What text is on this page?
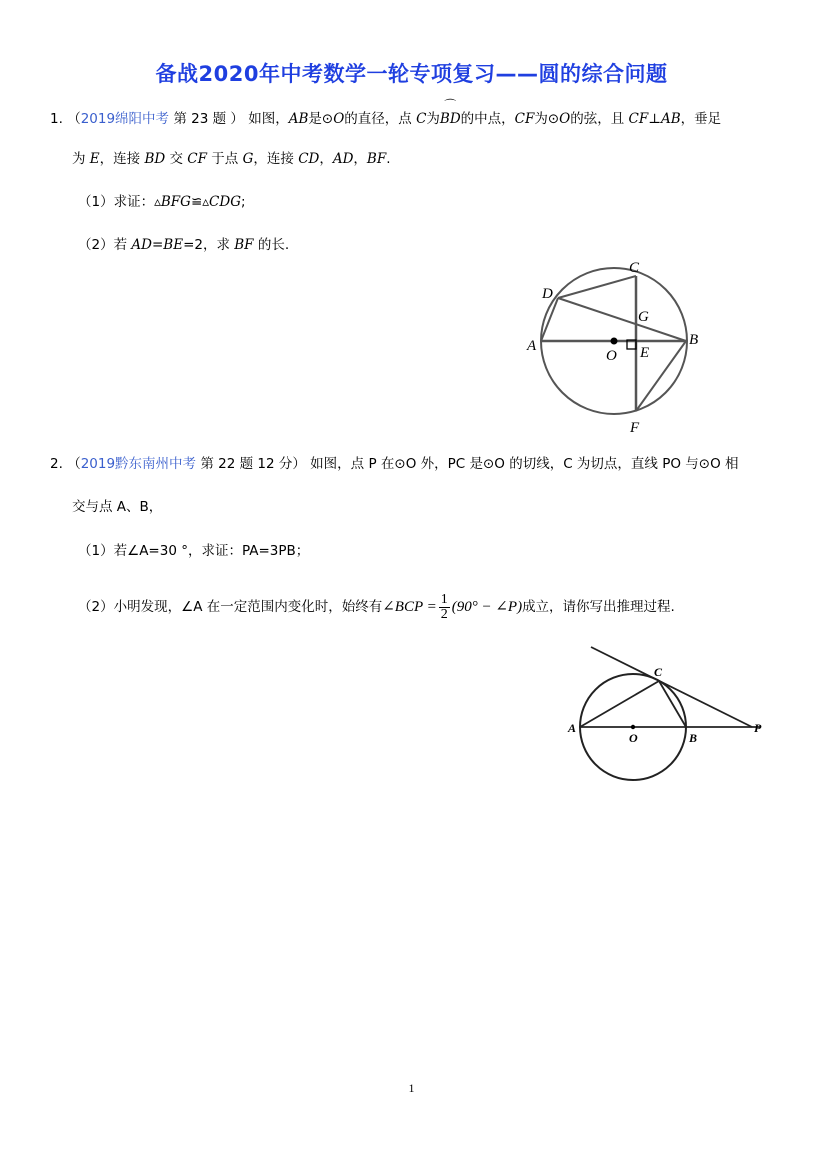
备战2020年中考数学一轮专项复习——圆的综合问题
1. （2019绵阳中考 第 23 题 ） 如图，AB是⊙O的直径，点 C为
⌒
BD的中点，CF为⊙O的弦，且 CF⊥AB，垂足
为 E，连接 BD 交 CF 于点 G，连接 CD，AD，BF.
（1）求证：▵BFG≌▵CDG;
（2）若 AD=BE=2，求 BF 的长.
A	B
C
D
E
F
G
O
2. （2019黔东南州中考 第 22 题 12 分） 如图，点 P 在⊙O 外，PC 是⊙O 的切线，C 为切点，直线 PO 与⊙O 相
交与点 A、B，
（1）若∠A=30 °，求证：PA=3PB；
（2）小明发现，∠A 在一定范围内变化时，始终有∠BCP = $\frac{1}{2} (90^\circ$ − ∠P)成立，请你写出推理过程.
A
B
C
O
P
1
